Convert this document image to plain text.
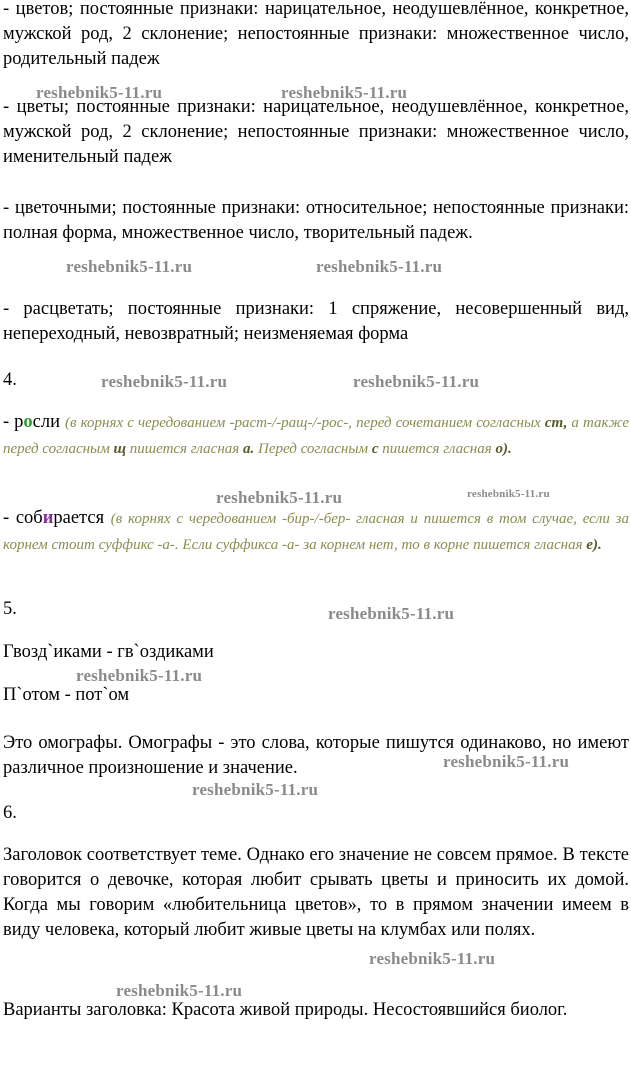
- цветов; постоянные признаки: нарицательное, неодушевлённое, конкретное, мужской род, 2 склонение; непостоянные признаки: множественное число, родительный падеж

- цветы; постоянные признаки: нарицательное, неодушевлённое, конкретное, мужской род, 2 склонение; непостоянные признаки: множественное число, именительный падеж

- цветочными; постоянные признаки: относительное; непостоянные признаки: полная форма, множественное число, творительный падеж.

- расцветать; постоянные признаки: 1 спряжение, несовершенный вид, непереходный, невозвратный; неизменяемая форма

4.

- росли (в корнях с чередованием -раст-/-ращ-/-рос-, перед сочетанием согласных ст, а также перед согласным щ пишется гласная а. Перед согласным с пишется гласная о).

- собирается (в корнях с чередованием -бир-/-бер- гласная и пишется в том случае, если за корнем стоит суффикс -а-. Если суффикса -а- за корнем нет, то в корне пишется гласная е).

5.

Гвозд`иками - гв`оздиками

П`отом - пот`ом

Это омографы. Омографы - это слова, которые пишутся одинаково, но имеют различное произношение и значение.

6.

Заголовок соответствует теме. Однако его значение не совсем прямое. В тексте говорится о девочке, которая любит срывать цветы и приносить их домой. Когда мы говорим «любительница цветов», то в прямом значении имеем в виду человека, который любит живые цветы на клумбах или полях.

Варианты заголовка: Красота живой природы. Несостоявшийся биолог.

reshebnik5-11.ru	reshebnik5-11.ru
reshebnik5-11.ru	reshebnik5-11.ru
reshebnik5-11.ru	reshebnik5-11.ru
reshebnik5-11.ru	reshebnik5-11.ru
reshebnik5-11.ru
reshebnik5-11.ru
reshebnik5-11.ru
reshebnik5-11.ru
reshebnik5-11.ru
reshebnik5-11.ru
